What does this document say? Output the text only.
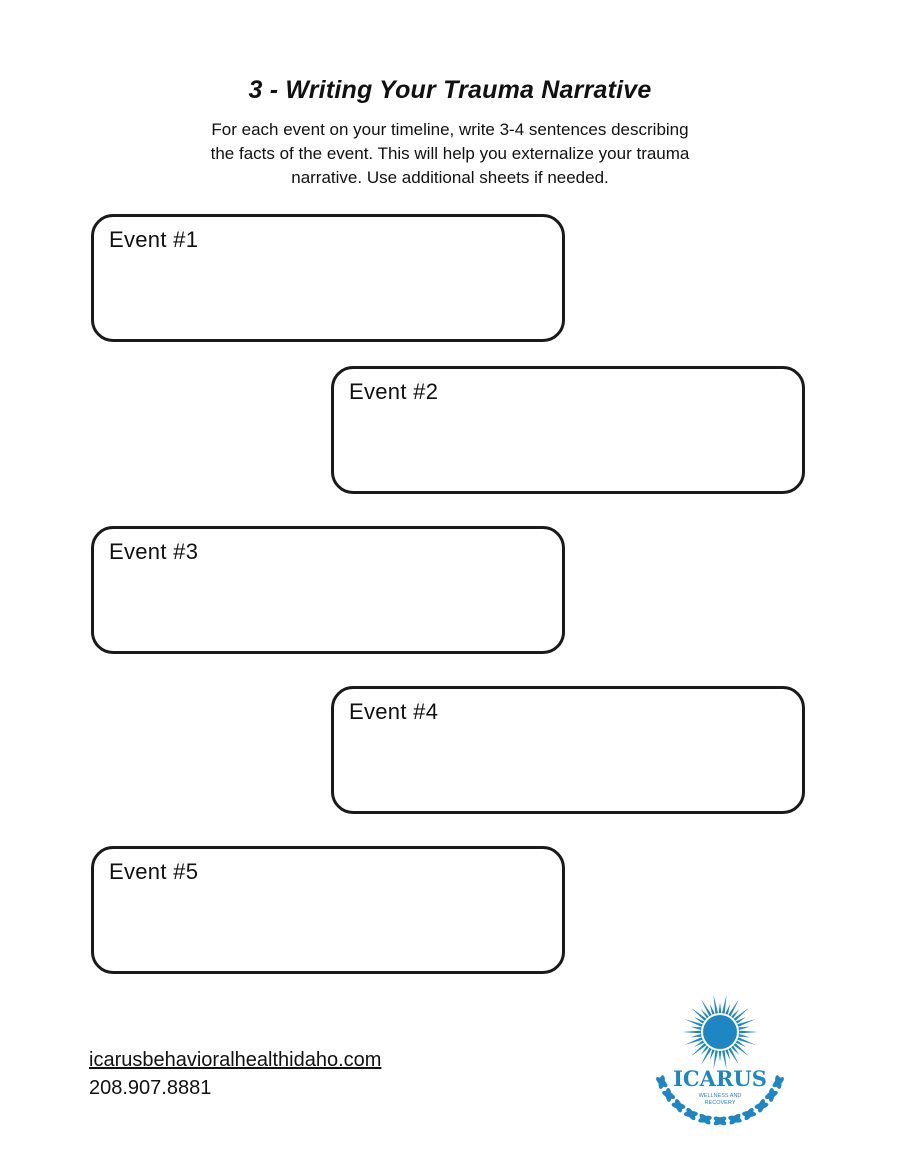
3 - Writing Your Trauma Narrative

For each event on your timeline, write 3-4 sentences describing
the facts of the event. This will help you externalize your trauma
narrative. Use additional sheets if needed.

Event #1
Event #2
Event #3
Event #4
Event #5
icarusbehavioralhealthidaho.com
208.907.8881	ICARUS
WELLNESS AND
RECOVERY
